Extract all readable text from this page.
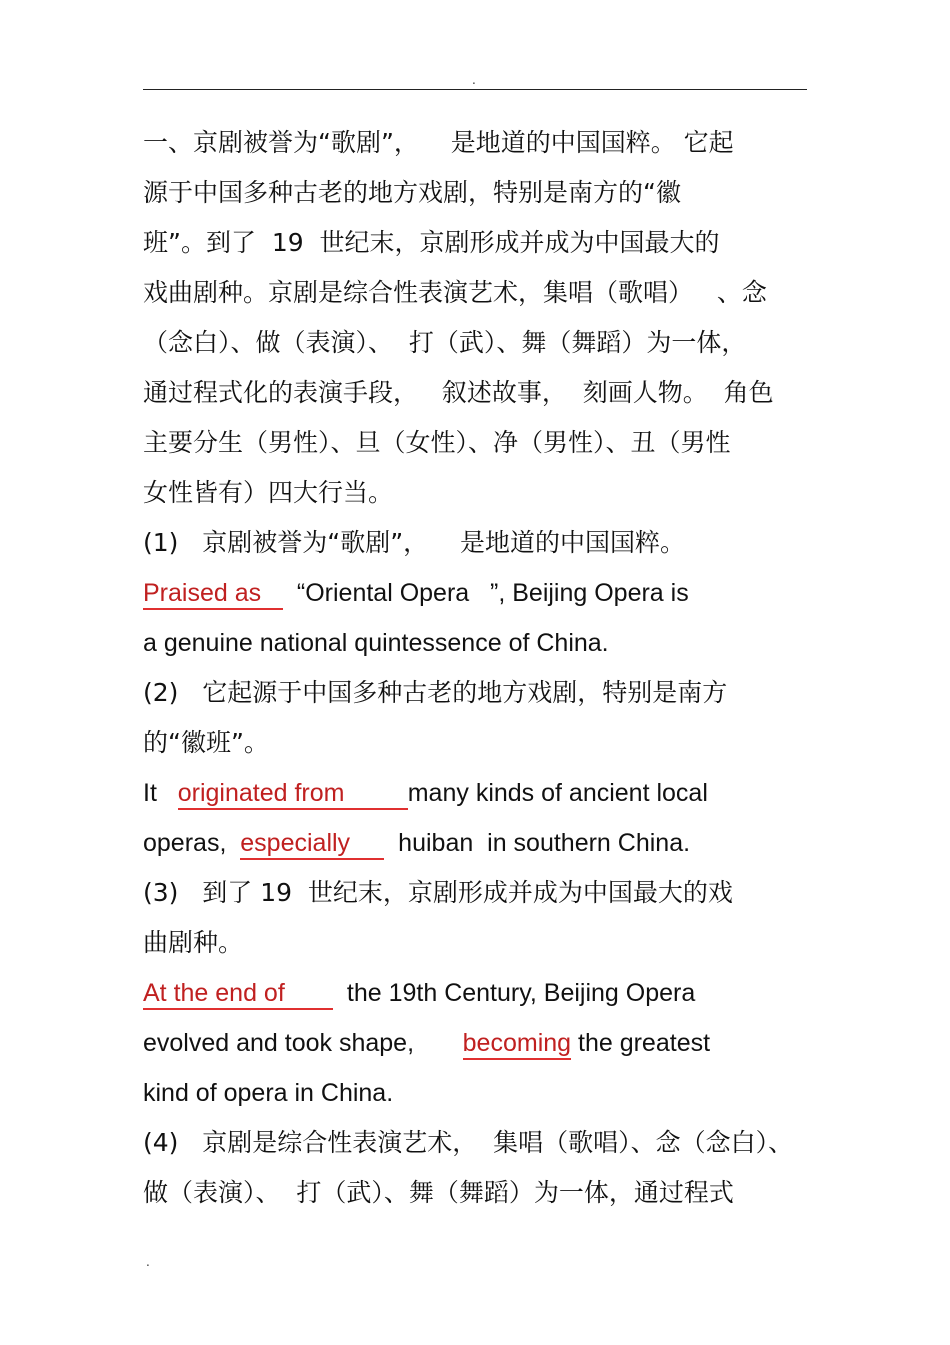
.
一、京剧被誉为“歌剧”，    是地道的中国国粹。 它起
源于中国多种古老的地方戏剧，特别是南方的“徽
班”。到了  19  世纪末，京剧形成并成为中国最大的
戏曲剧种。京剧是综合性表演艺术，集唱（歌唱）   、念
（念白）、做（表演）、  打（武）、舞（舞蹈）为一体，
通过程式化的表演手段，   叙述故事，  刻画人物。  角色
主要分生（男性）、旦（女性）、净（男性）、丑（男性
女性皆有）四大行当。
(1)   京剧被誉为“歌剧”，    是地道的中国国粹。
Praised as  “Oriental Opera   ”, Beijing Opera is
a genuine national quintessence of China.
(2)   它起源于中国多种古老的地方戏剧，特别是南方
的“徽班”。
It   originated from	many kinds of ancient local
operas,  especially  huiban  in southern China.
(3)   到了 19  世纪末，京剧形成并成为中国最大的戏
曲剧种。
At the end of  the 19th Century, Beijing Opera
evolved and took shape,       becoming the greatest
kind of opera in China.
(4)   京剧是综合性表演艺术，  集唱（歌唱）、念（念白）、
做（表演）、  打（武）、舞（舞蹈）为一体，通过程式
.
